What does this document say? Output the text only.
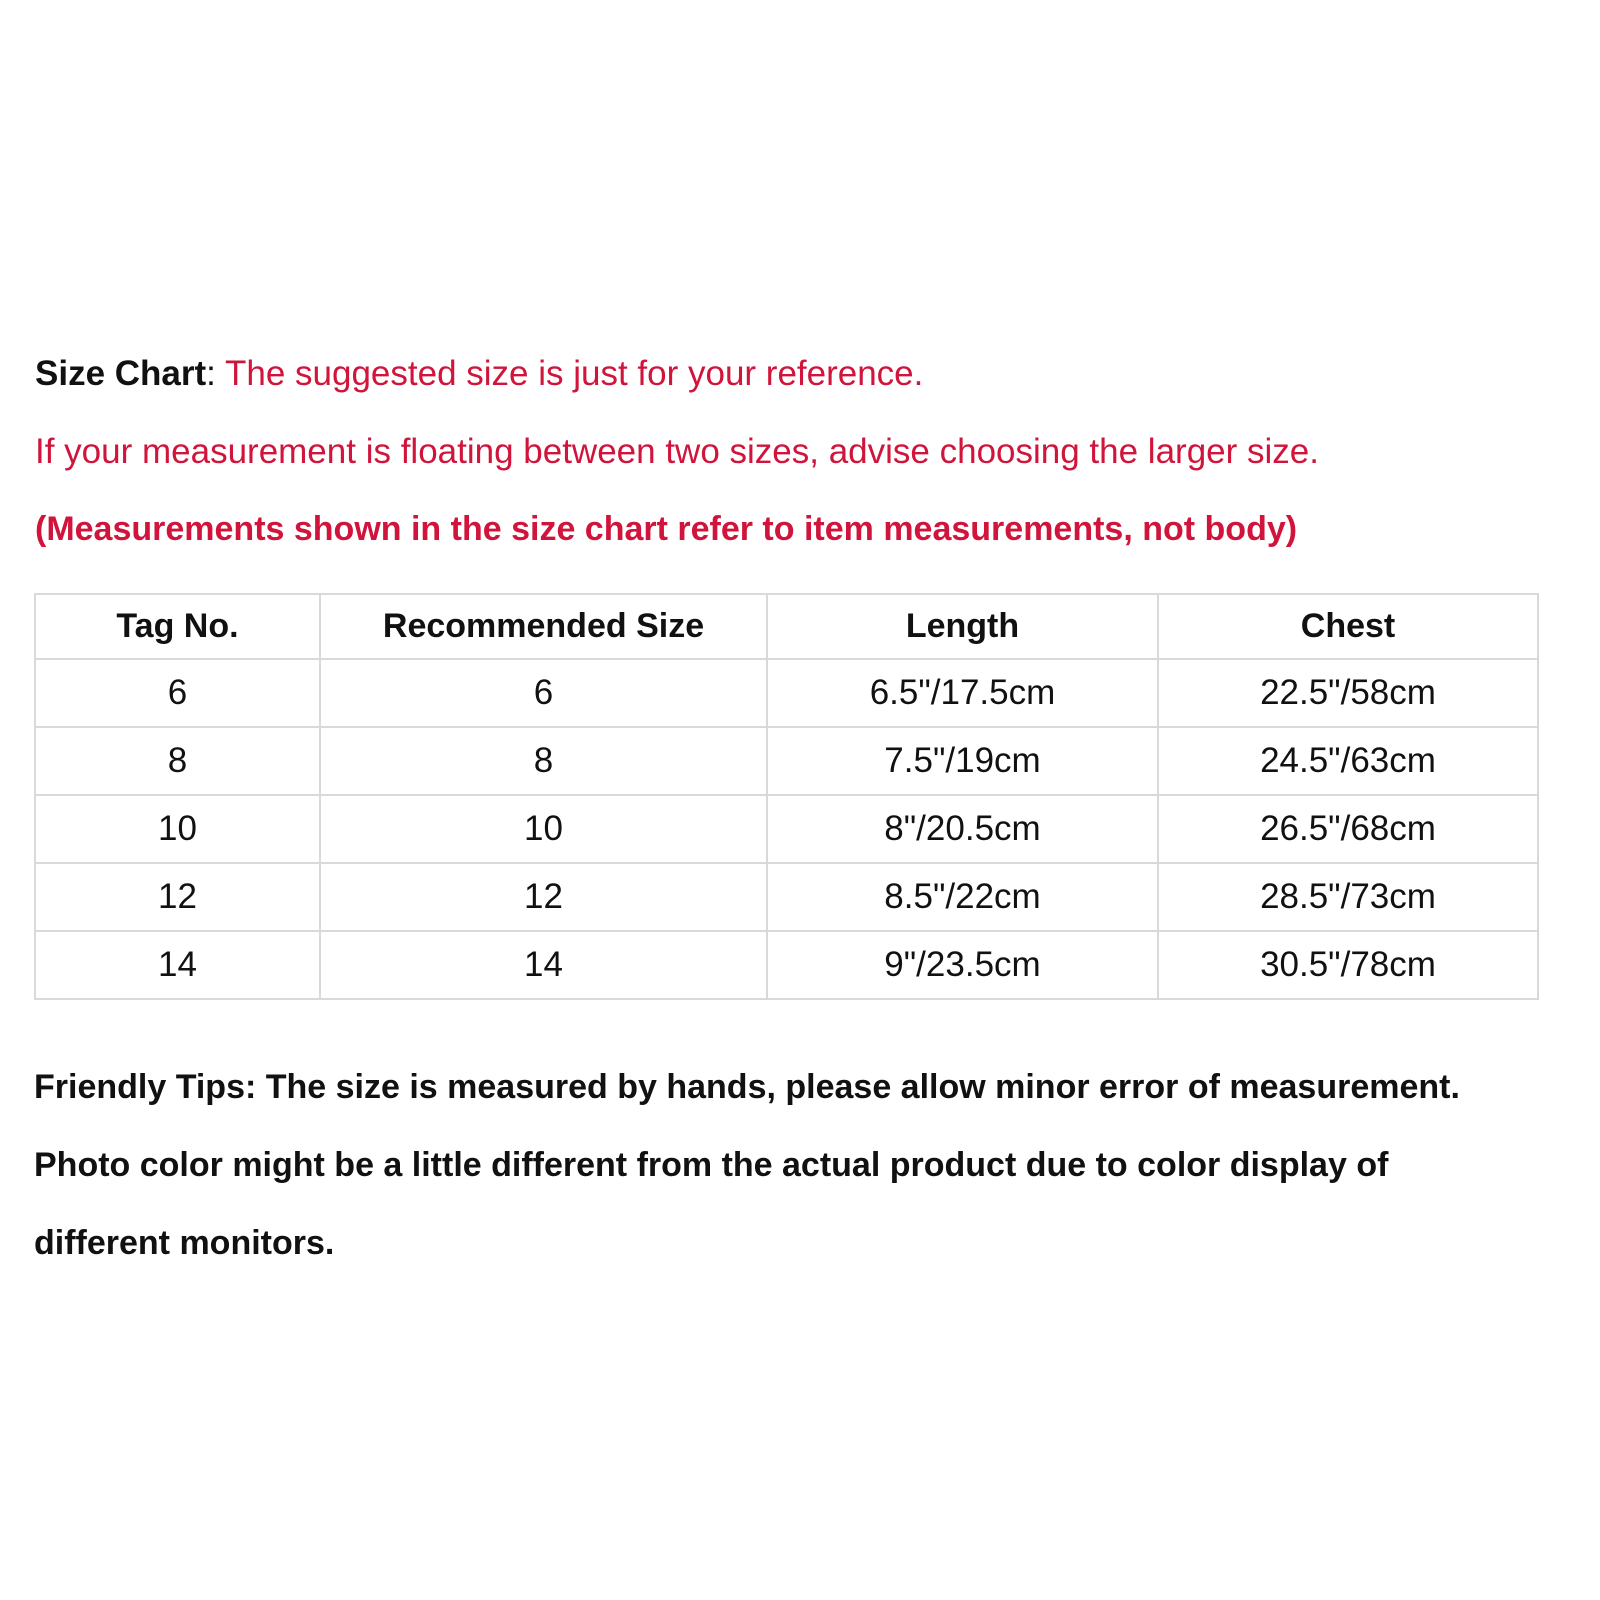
Size Chart: The suggested size is just for your reference.

If your measurement is floating between two sizes, advise choosing the larger size.

(Measurements shown in the size chart refer to item measurements, not body)

Tag No.	Recommended Size	Length	Chest
6	6	6.5"/17.5cm	22.5"/58cm
8	8	7.5"/19cm	24.5"/63cm
10	10	8"/20.5cm	26.5"/68cm
12	12	8.5"/22cm	28.5"/73cm
14	14	9"/23.5cm	30.5"/78cm

Friendly Tips: The size is measured by hands, please allow minor error of measurement.

Photo color might be a little different from the actual product due to color display of

different monitors.
